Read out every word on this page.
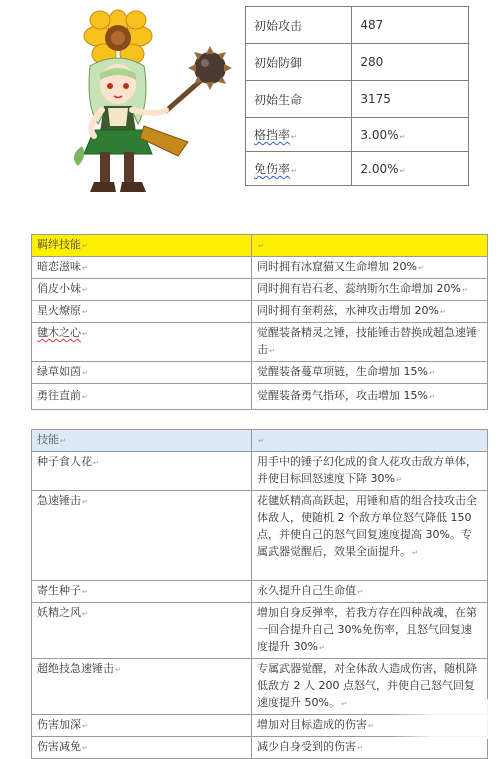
初始攻击	487
初始防御	280
初始生命	3175
格挡率↵	3.00%↵
免伤率↵	2.00%↵
羁绊技能↵	↵
暗恋滋味↵	同时拥有冰窟猫又生命增加 20%↵
俏皮小妹↵	同时拥有岩石老、蕊纳斯尔生命增加 20%↵
星火燎原↵	同时拥有奎莉兹，水神攻击增加 20%↵
毽木之心↵	觉醒装备精灵之锤，技能锤击替换成超急速锤击↵
绿草如茵↵	觉醒装备蔓草项链，生命增加 15%↵
勇往直前↵	觉醒装备勇气指环，攻击增加 15%↵
技能↵	↵
种子食人花↵	用手中的锤子幻化成的食人花攻击敌方单体，并使目标回怒速度下降 30%↵
急速锤击↵	花毽妖精高高跃起，用锤和盾的组合技攻击全体敌人，使随机 2 个敌方单位怒气降低 150 点，并使自己的怒气回复速度提高 30%。专属武器觉醒后，效果全面提升。↵
寄生种子↵	永久提升自己生命值↵
妖精之风↵	增加自身反弹率，若我方存在四种战魂，在第一回合提升自己 30%免伤率，且怒气回复速度提升 30%↵
超绝技急速锤击↵	专属武器觉醒，对全体敌人造成伤害，随机降低敌方 2 人 200 点怒气，并使自己怒气回复速度提升 50%。↵
伤害加深↵	增加对目标造成的伤害↵
伤害减免↵	减少自身受到的伤害↵
